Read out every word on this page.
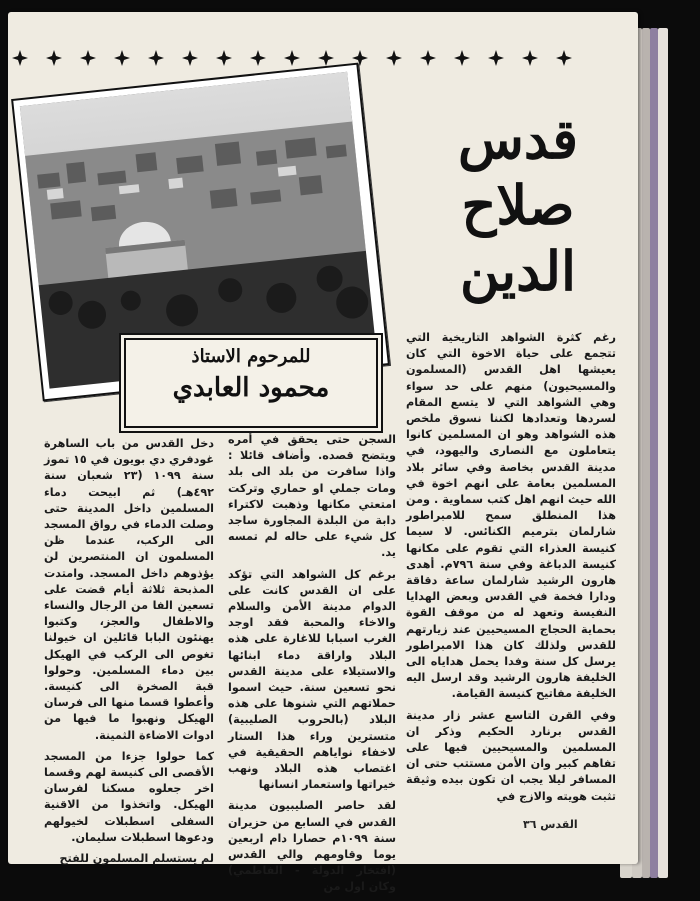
قدس
صلاح
الدين
للمرحوم الاستاذ
محمود العابدي

رغم كثرة الشواهد التاريخية التي تتجمع على حياة الاخوة التي كان يعيشها اهل القدس (المسلمون والمسيحيون) منهم على حد سواء وهي الشواهد التي لا يتسع المقام لسردها وتعدادها لكننا نسوق ملخص هذه الشواهد وهو ان المسلمين كانوا يتعاملون مع النصارى واليهود، في مدينة القدس بخاصة وفي سائر بلاد المسلمين بعامة على انهم اخوة في الله حيث انهم اهل كتب سماوية . ومن هذا المنطلق سمح للامبراطور شارلمان بترميم الكنائس. لا سيما كنيسة العذراء التي تقوم على مكانها كنيسة الدباغة وفي سنة ٧٩٦م. أهدى هارون الرشيد شارلمان ساعة دقاقة ودارا فخمة في القدس وبعض الهدايا النفيسة وتعهد له من موقف القوة بحماية الحجاج المسيحيين عند زيارتهم للقدس ولذلك كان هذا الامبراطور يرسل كل سنة وفدا يحمل هداياه الى الخليفة هارون الرشيد وقد ارسل اليه الخليفة مفاتيح كنيسة القيامة.

وفي القرن التاسع عشر زار مدينة القدس برنارد الحكيم وذكر ان المسلمين والمسيحيين فيها على تفاهم كبير وان الأمن مستتب حتى ان المسافر ليلا يجب ان تكون بيده وثيقة تثبت هويته والازج في

السجن حتى يحقق في أمره ويتضح قصده. وأضاف قائلا : واذا سافرت من بلد الى بلد ومات جملي او حماري وتركت امتعتي مكانها وذهبت لاكتراء دابة من البلدة المجاورة ساجد كل شيء على حاله لم تمسه يد.

برغم كل الشواهد التي تؤكد على ان القدس كانت على الدوام مدينة الأمن والسلام والاخاء والمحبة فقد اوجد الغرب اسبابا للاغارة على هذه البلاد واراقة دماء ابنائها والاستيلاء على مدينة القدس نحو تسعين سنة. حيث اسموا حملاتهم التي شنوها على هذه البلاد (بالحروب الصليبية) متسترين وراء هذا الستار لاخفاء نواياهم الحقيقية في اغتصاب هذه البلاد ونهب خيراتها واستعمار انسانها

لقد حاصر الصليبيون مدينة القدس في السابع من حزيران سنة ١٠٩٩م حصارا دام اربعين يوما وقاومهم والي القدس (افتخار الدولة - الفاطمي) وكان اول من

دخل القدس من باب الساهرة غودفري دي بويون في ١٥ تموز سنة ١٠٩٩ (٢٣ شعبان سنة ٤٩٢هـ) ثم ابيحت دماء المسلمين داخل المدينة حتى وصلت الدماء في رواق المسجد الى الركب، عندما ظن المسلمون ان المنتصرين لن يؤذوهم داخل المسجد. وامتدت المذبحة ثلاثة أيام قضت على تسعين الفا من الرجال والنساء والاطفال والعجز، وكتبوا يهنئون البابا قائلين ان خيولنا تغوص الى الركب في الهيكل بين دماء المسلمين. وحولوا قبة الصخرة الى كنيسة. وأعطوا قسما منها الى فرسان الهيكل ونهبوا ما فيها من ادوات الاضاءة الثمينة.

كما حولوا جزءا من المسجد الأقصى الى كنيسة لهم وقسما اخر جعلوه مسكنا لفرسان الهيكل. واتخذوا من الاقنية السفلى اسطبلات لخيولهم ودعوها اسطبلات سليمان.

لم يستسلم المسلمون للفتح

القدس ٣٦
